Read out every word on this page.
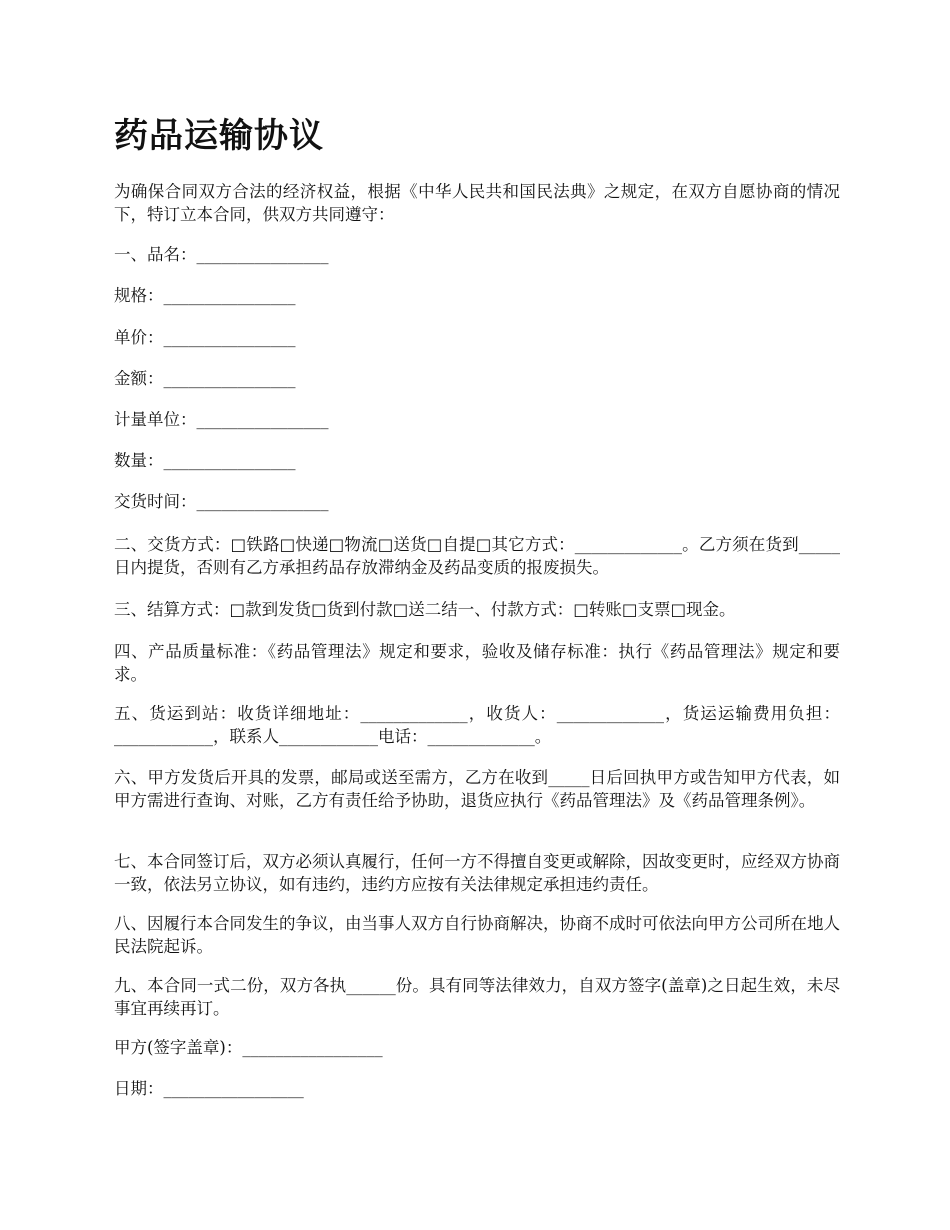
药品运输协议

为确保合同双方合法的经济权益，根据《中华人民共和国民法典》之规定，在双方自愿协商的情况下，特订立本合同，供双方共同遵守：

一、品名：________________

规格：________________

单价：________________

金额：________________

计量单位：________________

数量：________________

交货时间：________________

二、交货方式：□铁路□快递□物流□送货□自提□其它方式：_____________。乙方须在货到_____日内提货，否则有乙方承担药品存放滞纳金及药品变质的报废损失。

三、结算方式：□款到发货□货到付款□送二结一、付款方式：□转账□支票□现金。

四、产品质量标准：《药品管理法》规定和要求，验收及储存标准：执行《药品管理法》规定和要求。

五、货运到站：收货详细地址：_____________，收货人：_____________，货运运输费用负担：____________，联系人____________电话：_____________。

六、甲方发货后开具的发票，邮局或送至需方，乙方在收到_____日后回执甲方或告知甲方代表，如甲方需进行查询、对账，乙方有责任给予协助，退货应执行《药品管理法》及《药品管理条例》。

七、本合同签订后，双方必须认真履行，任何一方不得擅自变更或解除，因故变更时，应经双方协商一致，依法另立协议，如有违约，违约方应按有关法律规定承担违约责任。

八、因履行本合同发生的争议，由当事人双方自行协商解决，协商不成时可依法向甲方公司所在地人民法院起诉。

九、本合同一式二份，双方各执______份。具有同等法律效力，自双方签字(盖章)之日起生效，未尽事宜再续再订。

甲方(签字盖章)：_________________

日期：_________________
